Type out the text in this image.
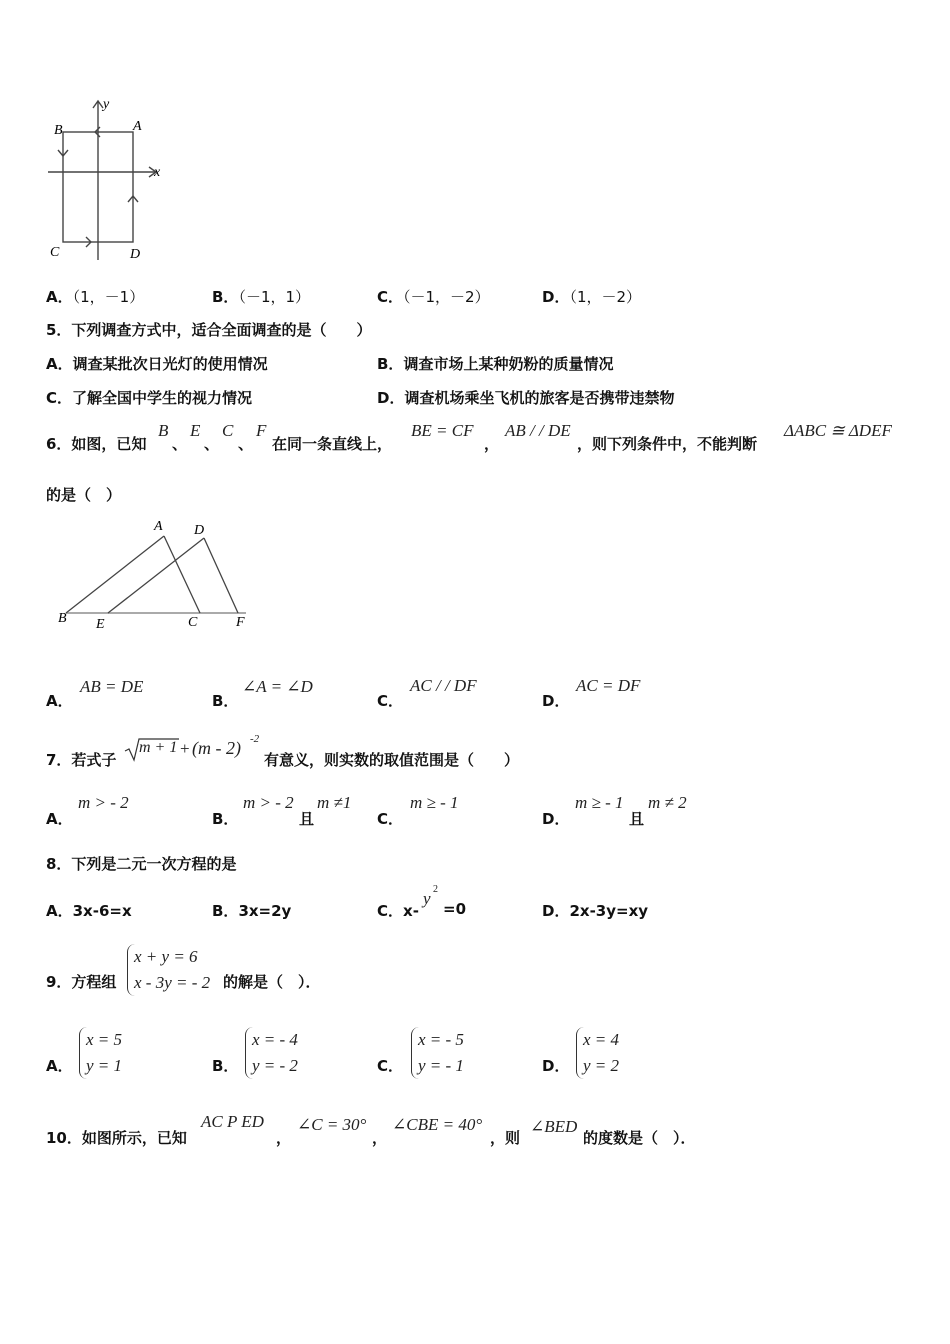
y
x
A
B
C	D
A．（1，－1）	B．（－1，1）	C．（－1，－2）	D．（1，－2）
5．下列调查方式中，适合全面调查的是（　　）
A．调查某批次日光灯的使用情况	B．调查市场上某种奶粉的质量情况
C．了解全国中学生的视力情况	D．调查机场乘坐飞机的旅客是否携带违禁物
6．如图，已知
B
、
E
、
C
、
F
在同一条直线上，
BE = CF
，
AB / / DE
，则下列条件中，不能判断
ΔABC ≅ ΔDEF
的是（　）
A D
B E	C	F
A．
AB = DE
B．
∠A = ∠D
C．
AC / / DF
D．
AC = DF
7．若式子
m + 1 + (m - 2) -2
有意义，则实数的取值范围是（　　）
A．
m > - 2
B．
m > - 2
且
m ≠1
C．
m ≥ - 1
D．
m ≥ - 1
且
m ≠ 2
8．下列是二元一次方程的是
A．3x-6=x	B．3x=2y	C．x-
y 2
=0	D．2x-3y=xy
9．方程组
x + y = 6
x - 3y = - 2 的解是（　）．
A．
x = 5
y = 1	B．
x = - 4
y = - 2	C．
x = - 5
y = - 1	D．
x = 4
y = 2
10．如图所示，已知
AC P ED
，
∠C = 30°
，
∠CBE = 40°
，则
∠BED
的度数是（　）．
